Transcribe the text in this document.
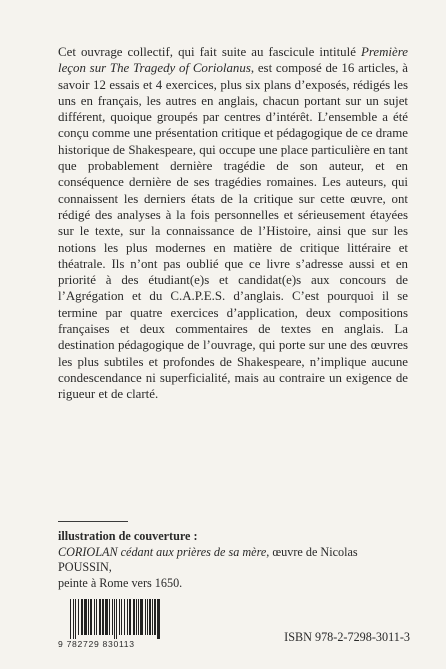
Cet ouvrage collectif, qui fait suite au fascicule intitulé Première leçon sur The Tragedy of Coriolanus, est composé de 16 articles, à savoir 12 essais et 4 exercices, plus six plans d’exposés, rédigés les uns en français, les autres en anglais, chacun portant sur un sujet différent, quoique groupés par centres d’intérêt. L’ensemble a été conçu comme une présentation critique et pédagogique de ce drame historique de Shakespeare, qui occupe une place particulière en tant que probablement dernière tragédie de son auteur, et en conséquence dernière de ses tragédies romaines. Les auteurs, qui connaissent les derniers états de la critique sur cette œuvre, ont rédigé des analyses à la fois personnelles et sérieusement étayées sur le texte, sur la connaissance de l’Histoire, ainsi que sur les notions les plus modernes en matière de critique littéraire et théatrale. Ils n’ont pas oublié que ce livre s’adresse aussi et en priorité à des étudiant(e)s et candidat(e)s aux concours de l’Agrégation et du C.A.P.E.S. d’anglais. C’est pourquoi il se termine par quatre exercices d’application, deux compositions françaises et deux commentaires de textes en anglais. La destination pédagogique de l’ouvrage, qui porte sur une des œuvres les plus subtiles et profondes de Shakespeare, n’implique aucune condescendance ni superficialité, mais au contraire un exigence de rigueur et de clarté.

illustration de couverture :
CORIOLAN cédant aux prières de sa mère, œuvre de Nicolas POUSSIN,
peinte à Rome vers 1650.
9 782729 830113	ISBN 978-2-7298-3011-3
